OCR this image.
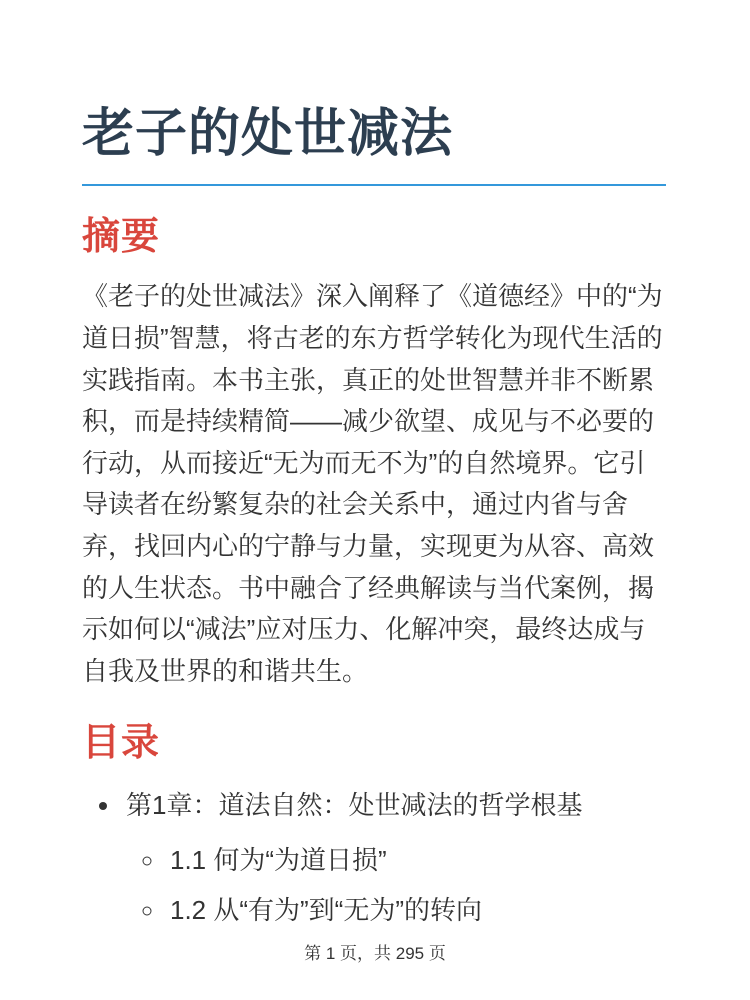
老子的处世减法
摘要

《老子的处世减法》深入阐释了《道德经》中的“为道日损”智慧，将古老的东方哲学转化为现代生活的实践指南。本书主张，真正的处世智慧并非不断累积，而是持续精简——减少欲望、成见与不必要的行动，从而接近“无为而无不为”的自然境界。它引导读者在纷繁复杂的社会关系中，通过内省与舍弃，找回内心的宁静与力量，实现更为从容、高效的人生状态。书中融合了经典解读与当代案例，揭示如何以“减法”应对压力、化解冲突，最终达成与自我及世界的和谐共生。

目录
• 第1章：道法自然：处世减法的哲学根基
◦ 1.1 何为“为道日损”
◦ 1.2 从“有为”到“无为”的转向
第 1 页，共 295 页
